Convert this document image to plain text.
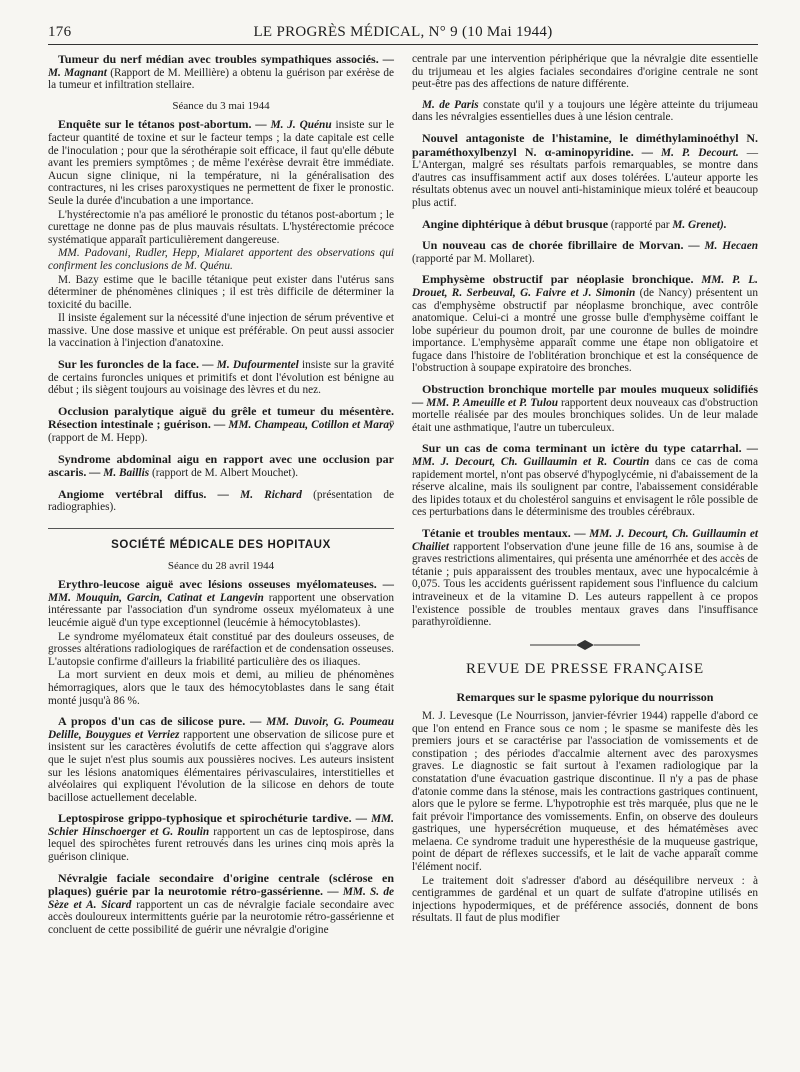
176	LE PROGRÈS MÉDICAL, N° 9 (10 Mai 1944)

Tumeur du nerf médian avec troubles sympathiques associés. — M. Magnant (Rapport de M. Meillière) a obtenu la guérison par exérèse de la tumeur et infiltration stellaire.

Séance du 3 mai 1944

Enquête sur le tétanos post-abortum. — M. J. Quénu insiste sur le facteur quantité de toxine et sur le facteur temps ; la date capitale est celle de l'inoculation ; pour que la sérothérapie soit efficace, il faut qu'elle débute avant les premiers symptômes ; de même l'exérèse devrait être immédiate. Aucun signe clinique, ni la température, ni la généralisation des contractures, ni les crises paroxystiques ne permettent de fixer le pronostic. Seule la durée d'incubation a une importance.

L'hystérectomie n'a pas amélioré le pronostic du tétanos post-abortum ; le curettage ne donne pas de plus mauvais résultats. L'hystérectomie précoce systématique apparaît particulièrement dangereuse.

MM. Padovani, Rudler, Hepp, Mialaret apportent des observations qui confirment les conclusions de M. Quénu.

M. Bazy estime que le bacille tétanique peut exister dans l'utérus sans déterminer de phénomènes cliniques ; il est très difficile de déterminer la toxicité du bacille.

Il insiste également sur la nécessité d'une injection de sérum préventive et massive. Une dose massive et unique est préférable. On peut aussi associer la vaccination à l'injection d'anatoxine.

Sur les furoncles de la face. — M. Dufourmentel insiste sur la gravité de certains furoncles uniques et primitifs et dont l'évolution est bénigne au début ; ils siègent toujours au voisinage des lèvres et du nez.

Occlusion paralytique aiguë du grêle et tumeur du mésentère. Résection intestinale ; guérison. — MM. Champeau, Cotillon et Maraÿ (rapport de M. Hepp).

Syndrome abdominal aigu en rapport avec une occlusion par ascaris. — M. Baillis (rapport de M. Albert Mouchet).

Angiome vertébral diffus. — M. Richard (présentation de radiographies).

SOCIÉTÉ MÉDICALE DES HOPITAUX
Séance du 28 avril 1944

Erythro-leucose aiguë avec lésions osseuses myélomateuses. — MM. Mouquin, Garcin, Catinat et Langevin rapportent une observation intéressante par l'association d'un syndrome osseux myélomateux à une leucémie aiguë d'un type exceptionnel (leucémie à hémocytoblastes).

Le syndrome myélomateux était constitué par des douleurs osseuses, de grosses altérations radiologiques de raréfaction et de condensation osseuses. L'autopsie confirme d'ailleurs la friabilité particulière des os iliaques.

La mort survient en deux mois et demi, au milieu de phénomènes hémorragiques, alors que le taux des hémocytoblastes dans le sang était monté jusqu'à 86 %.

A propos d'un cas de silicose pure. — MM. Duvoir, G. Poumeau Delille, Bouygues et Verriez rapportent une observation de silicose pure et insistent sur les caractères évolutifs de cette affection qui s'aggrave alors que le sujet n'est plus soumis aux poussières nocives. Les auteurs insistent sur les lésions anatomiques élémentaires périvasculaires, interstitielles et alvéolaires qui expliquent l'évolution de la silicose en dehors de toute bacillose actuellement decelable.

Leptospirose grippo-typhosique et spirochéturie tardive. — MM. Schier Hinschoerger et G. Roulin rapportent un cas de leptospirose, dans lequel des spirochètes furent retrouvés dans les urines cinq mois après la guérison clinique.

Névralgie faciale secondaire d'origine centrale (sclérose en plaques) guérie par la neurotomie rétro-gassérienne. — MM. S. de Sèze et A. Sicard rapportent un cas de névralgie faciale secondaire avec accès douloureux intermittents guérie par la neurotomie rétro-gassérienne et concluent de cette possibilité de guérir une névralgie d'origine

centrale par une intervention périphérique que la névralgie dite essentielle du trijumeau et les algies faciales secondaires d'origine centrale ne sont peut-être pas des affections de nature différente.

M. de Paris constate qu'il y a toujours une légère atteinte du trijumeau dans les névralgies essentielles dues à une lésion centrale.

Nouvel antagoniste de l'histamine, le diméthylaminoéthyl N. paraméthoxylbenzyl N. α-aminopyridine. — M. P. Decourt. — L'Antergan, malgré ses résultats parfois remarquables, se montre dans d'autres cas insuffisamment actif aux doses tolérées. L'auteur apporte les résultats obtenus avec un nouvel anti-histaminique mieux toléré et beaucoup plus actif.

Angine diphtérique à début brusque (rapporté par M. Grenet).

Un nouveau cas de chorée fibrillaire de Morvan. — M. Hecaen (rapporté par M. Mollaret).

Emphysème obstructif par néoplasie bronchique. MM. P. L. Drouet, R. Serbeuval, G. Faivre et J. Simonin (de Nancy) présentent un cas d'emphysème obstructif par néoplasme bronchique, avec contrôle anatomique. Celui-ci a montré une grosse bulle d'emphysème coiffant le lobe supérieur du poumon droit, par une couronne de bulles de moindre importance. L'emphysème apparaît comme une étape non obligatoire et fugace dans l'histoire de l'oblitération bronchique et est la conséquence de l'obstruction à soupape expiratoire des bronches.

Obstruction bronchique mortelle par moules muqueux solidifiés — MM. P. Ameuille et P. Tulou rapportent deux nouveaux cas d'obstruction mortelle réalisée par des moules bronchiques solides. Un de leur malade était une asthmatique, l'autre un tuberculeux.

Sur un cas de coma terminant un ictère du type catarrhal. — MM. J. Decourt, Ch. Guillaumin et R. Courtin dans ce cas de coma rapidement mortel, n'ont pas observé d'hypoglycémie, ni d'abaissement de la réserve alcaline, mais ils soulignent par contre, l'abaissement considérable des lipides totaux et du cholestérol sanguins et envisagent le rôle possible de ces perturbations dans le déterminisme des troubles cérébraux.

Tétanie et troubles mentaux. — MM. J. Decourt, Ch. Guillaumin et Chailiet rapportent l'observation d'une jeune fille de 16 ans, soumise à de graves restrictions alimentaires, qui présenta une aménorrhée et des accès de tétanie ; puis apparaissent des troubles mentaux, avec une hypocalcémie à 0,075. Tous les accidents guérissent rapidement sous l'influence du calcium intraveineux et de la vitamine D. Les auteurs rappellent à ce propos l'existence possible de troubles mentaux graves dans l'insuffisance parathyroïdienne.

REVUE DE PRESSE FRANÇAISE
Remarques sur le spasme pylorique du nourrisson

M. J. Levesque (Le Nourrisson, janvier-février 1944) rappelle d'abord ce que l'on entend en France sous ce nom ; le spasme se manifeste dès les premiers jours et se caractérise par l'association de vomissements et de constipation ; des périodes d'accalmie alternent avec des paroxysmes graves. Le diagnostic se fait surtout à l'examen radiologique par la constatation d'une évacuation gastrique discontinue. Il n'y a pas de phase d'atonie comme dans la sténose, mais les contractions gastriques continuent, alors que le pylore se ferme. L'hypotrophie est très marquée, plus que ne le fait prévoir l'importance des vomissements. Enfin, on observe des douleurs gastriques, une hypersécrétion muqueuse, et des hématémèses avec melaena. Ce syndrome traduit une hyperesthésie de la muqueuse gastrique, point de départ de réflexes successifs, et le lait de vache apparaît comme l'élément nocif.

Le traitement doit s'adresser d'abord au déséquilibre nerveux : à centigrammes de gardénal et un quart de sulfate d'atropine utilisés en injections hypodermiques, et de préférence associés, donnent de bons résultats. Il faut de plus modifier
